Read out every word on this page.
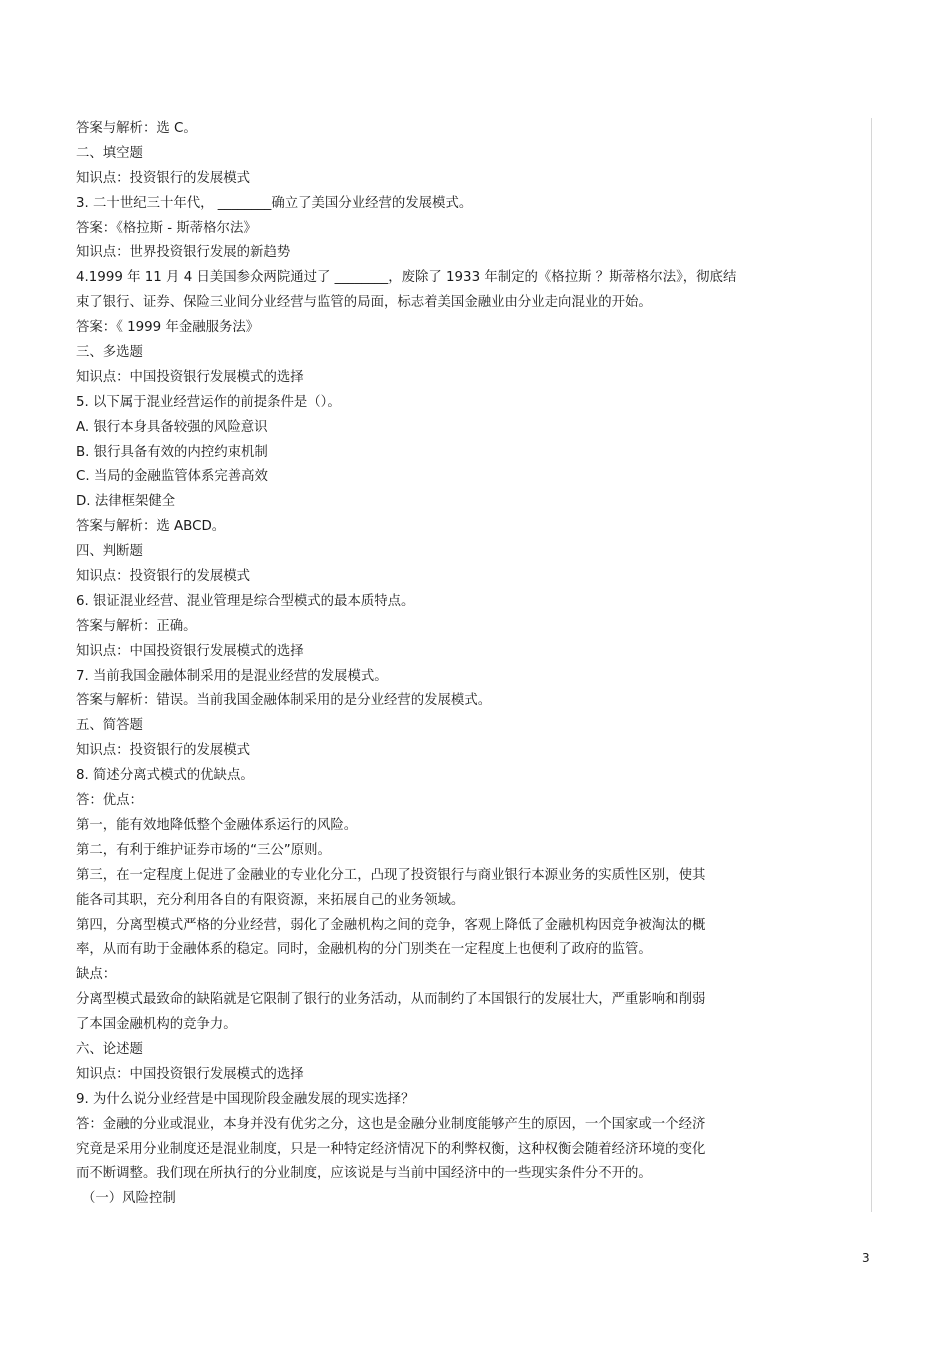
答案与解析：选 C。
二、填空题
知识点：投资银行的发展模式
3. 二十世纪三十年代， ________确立了美国分业经营的发展模式。
答案：《格拉斯 - 斯蒂格尔法》
知识点：世界投资银行发展的新趋势
4.1999 年 11 月 4 日美国参众两院通过了 ________，废除了 1933 年制定的《格拉斯 ？斯蒂格尔法》，彻底结
束了银行、证券、保险三业间分业经营与监管的局面，标志着美国金融业由分业走向混业的开始。
答案：《 1999 年金融服务法》
三、多选题
知识点：中国投资银行发展模式的选择
5. 以下属于混业经营运作的前提条件是（）。
A. 银行本身具备较强的风险意识
B. 银行具备有效的内控约束机制
C. 当局的金融监管体系完善高效
D. 法律框架健全
答案与解析：选 ABCD。
四、判断题
知识点：投资银行的发展模式
6. 银证混业经营、混业管理是综合型模式的最本质特点。
答案与解析：正确。
知识点：中国投资银行发展模式的选择
7. 当前我国金融体制采用的是混业经营的发展模式。
答案与解析：错误。当前我国金融体制采用的是分业经营的发展模式。
五、简答题
知识点：投资银行的发展模式
8. 简述分离式模式的优缺点。
答：优点：
第一，能有效地降低整个金融体系运行的风险。
第二，有利于维护证券市场的“三公”原则。
第三，在一定程度上促进了金融业的专业化分工，凸现了投资银行与商业银行本源业务的实质性区别，使其
能各司其职，充分利用各自的有限资源，来拓展自己的业务领域。
第四，分离型模式严格的分业经营，弱化了金融机构之间的竞争，客观上降低了金融机构因竞争被淘汰的概
率，从而有助于金融体系的稳定。同时，金融机构的分门别类在一定程度上也便利了政府的监管。
缺点：
分离型模式最致命的缺陷就是它限制了银行的业务活动，从而制约了本国银行的发展壮大，严重影响和削弱
了本国金融机构的竞争力。
六、论述题
知识点：中国投资银行发展模式的选择
9. 为什么说分业经营是中国现阶段金融发展的现实选择？
答：金融的分业或混业，本身并没有优劣之分，这也是金融分业制度能够产生的原因，一个国家或一个经济
究竟是采用分业制度还是混业制度，只是一种特定经济情况下的利弊权衡，这种权衡会随着经济环境的变化
而不断调整。我们现在所执行的分业制度，应该说是与当前中国经济中的一些现实条件分不开的。
（一）风险控制
3
